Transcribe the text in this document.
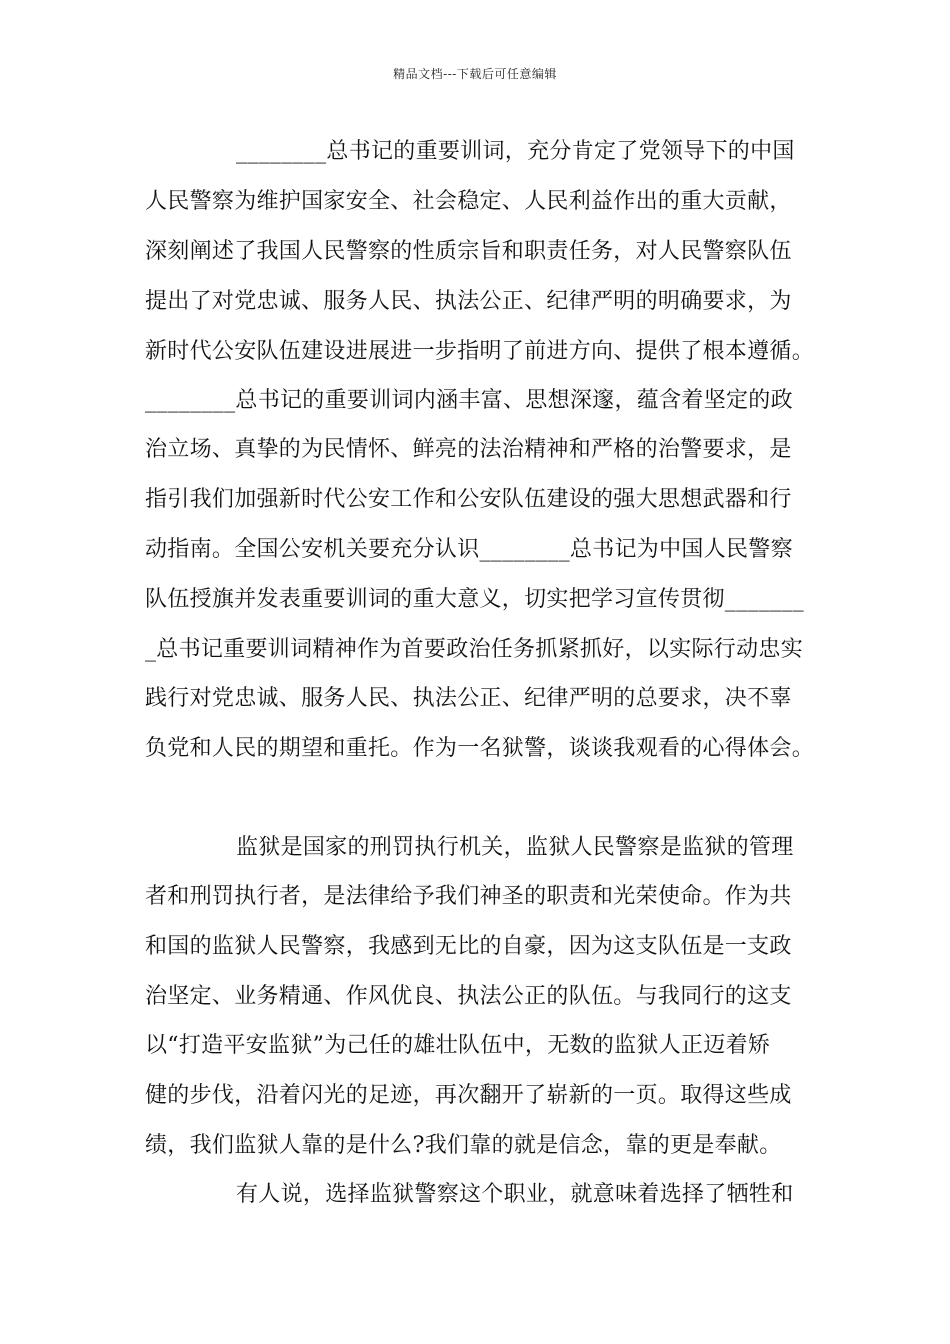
精品文档---下载后可任意编辑
________总书记的重要训词，充分肯定了党领导下的中国
人民警察为维护国家安全、社会稳定、人民利益作出的重大贡献，
深刻阐述了我国人民警察的性质宗旨和职责任务，对人民警察队伍
提出了对党忠诚、服务人民、执法公正、纪律严明的明确要求，为
新时代公安队伍建设进展进一步指明了前进方向、提供了根本遵循。
________总书记的重要训词内涵丰富、思想深邃，蕴含着坚定的政
治立场、真挚的为民情怀、鲜亮的法治精神和严格的治警要求，是
指引我们加强新时代公安工作和公安队伍建设的强大思想武器和行
动指南。全国公安机关要充分认识________总书记为中国人民警察
队伍授旗并发表重要训词的重大意义，切实把学习宣传贯彻_______
_总书记重要训词精神作为首要政治任务抓紧抓好，以实际行动忠实
践行对党忠诚、服务人民、执法公正、纪律严明的总要求，决不辜
负党和人民的期望和重托。作为一名狱警，谈谈我观看的心得体会。
监狱是国家的刑罚执行机关，监狱人民警察是监狱的管理
者和刑罚执行者，是法律给予我们神圣的职责和光荣使命。作为共
和国的监狱人民警察，我感到无比的自豪，因为这支队伍是一支政
治坚定、业务精通、作风优良、执法公正的队伍。与我同行的这支
以“打造平安监狱”为己任的雄壮队伍中，无数的监狱人正迈着矫
健的步伐，沿着闪光的足迹，再次翻开了崭新的一页。取得这些成
绩，我们监狱人靠的是什么?我们靠的就是信念，靠的更是奉献。
有人说，选择监狱警察这个职业，就意味着选择了牺牲和
